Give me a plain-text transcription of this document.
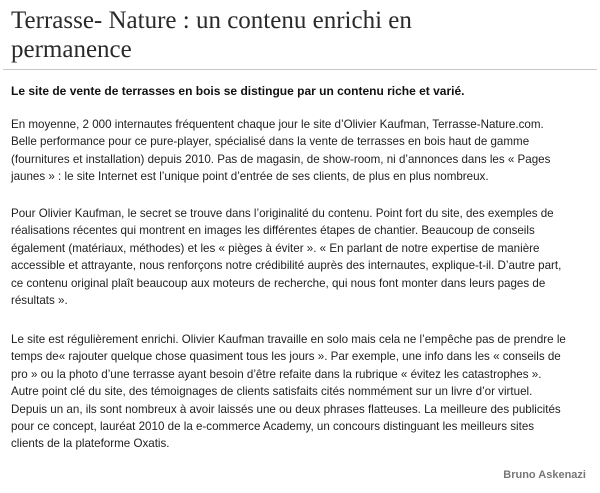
Terrasse- Nature : un contenu enrichi en
permanence

Le site de vente de terrasses en bois se distingue par un contenu riche et varié.

En moyenne, 2 000 internautes fréquentent chaque jour le site d’Olivier Kaufman, Terrasse-Nature.com.
Belle performance pour ce pure-player, spécialisé dans la vente de terrasses en bois haut de gamme
(fournitures et installation) depuis 2010. Pas de magasin, de show-room, ni d’annonces dans les « Pages
jaunes » : le site Internet est l’unique point d’entrée de ses clients, de plus en plus nombreux.

Pour Olivier Kaufman, le secret se trouve dans l’originalité du contenu. Point fort du site, des exemples de
réalisations récentes qui montrent en images les différentes étapes de chantier. Beaucoup de conseils
également (matériaux, méthodes) et les « pièges à éviter ». « En parlant de notre expertise de manière
accessible et attrayante, nous renforçons notre crédibilité auprès des internautes, explique-t-il. D’autre part,
ce contenu original plaît beaucoup aux moteurs de recherche, qui nous font monter dans leurs pages de
résultats ».

Le site est régulièrement enrichi. Olivier Kaufman travaille en solo mais cela ne l’empêche pas de prendre le
temps de« rajouter quelque chose quasiment tous les jours ». Par exemple, une info dans les « conseils de
pro » ou la photo d’une terrasse ayant besoin d’être refaite dans la rubrique « évitez les catastrophes ».
Autre point clé du site, des témoignages de clients satisfaits cités nommément sur un livre d’or virtuel.
Depuis un an, ils sont nombreux à avoir laissés une ou deux phrases flatteuses. La meilleure des publicités
pour ce concept, lauréat 2010 de la e-commerce Academy, un concours distinguant les meilleurs sites
clients de la plateforme Oxatis.

Bruno Askenazi
